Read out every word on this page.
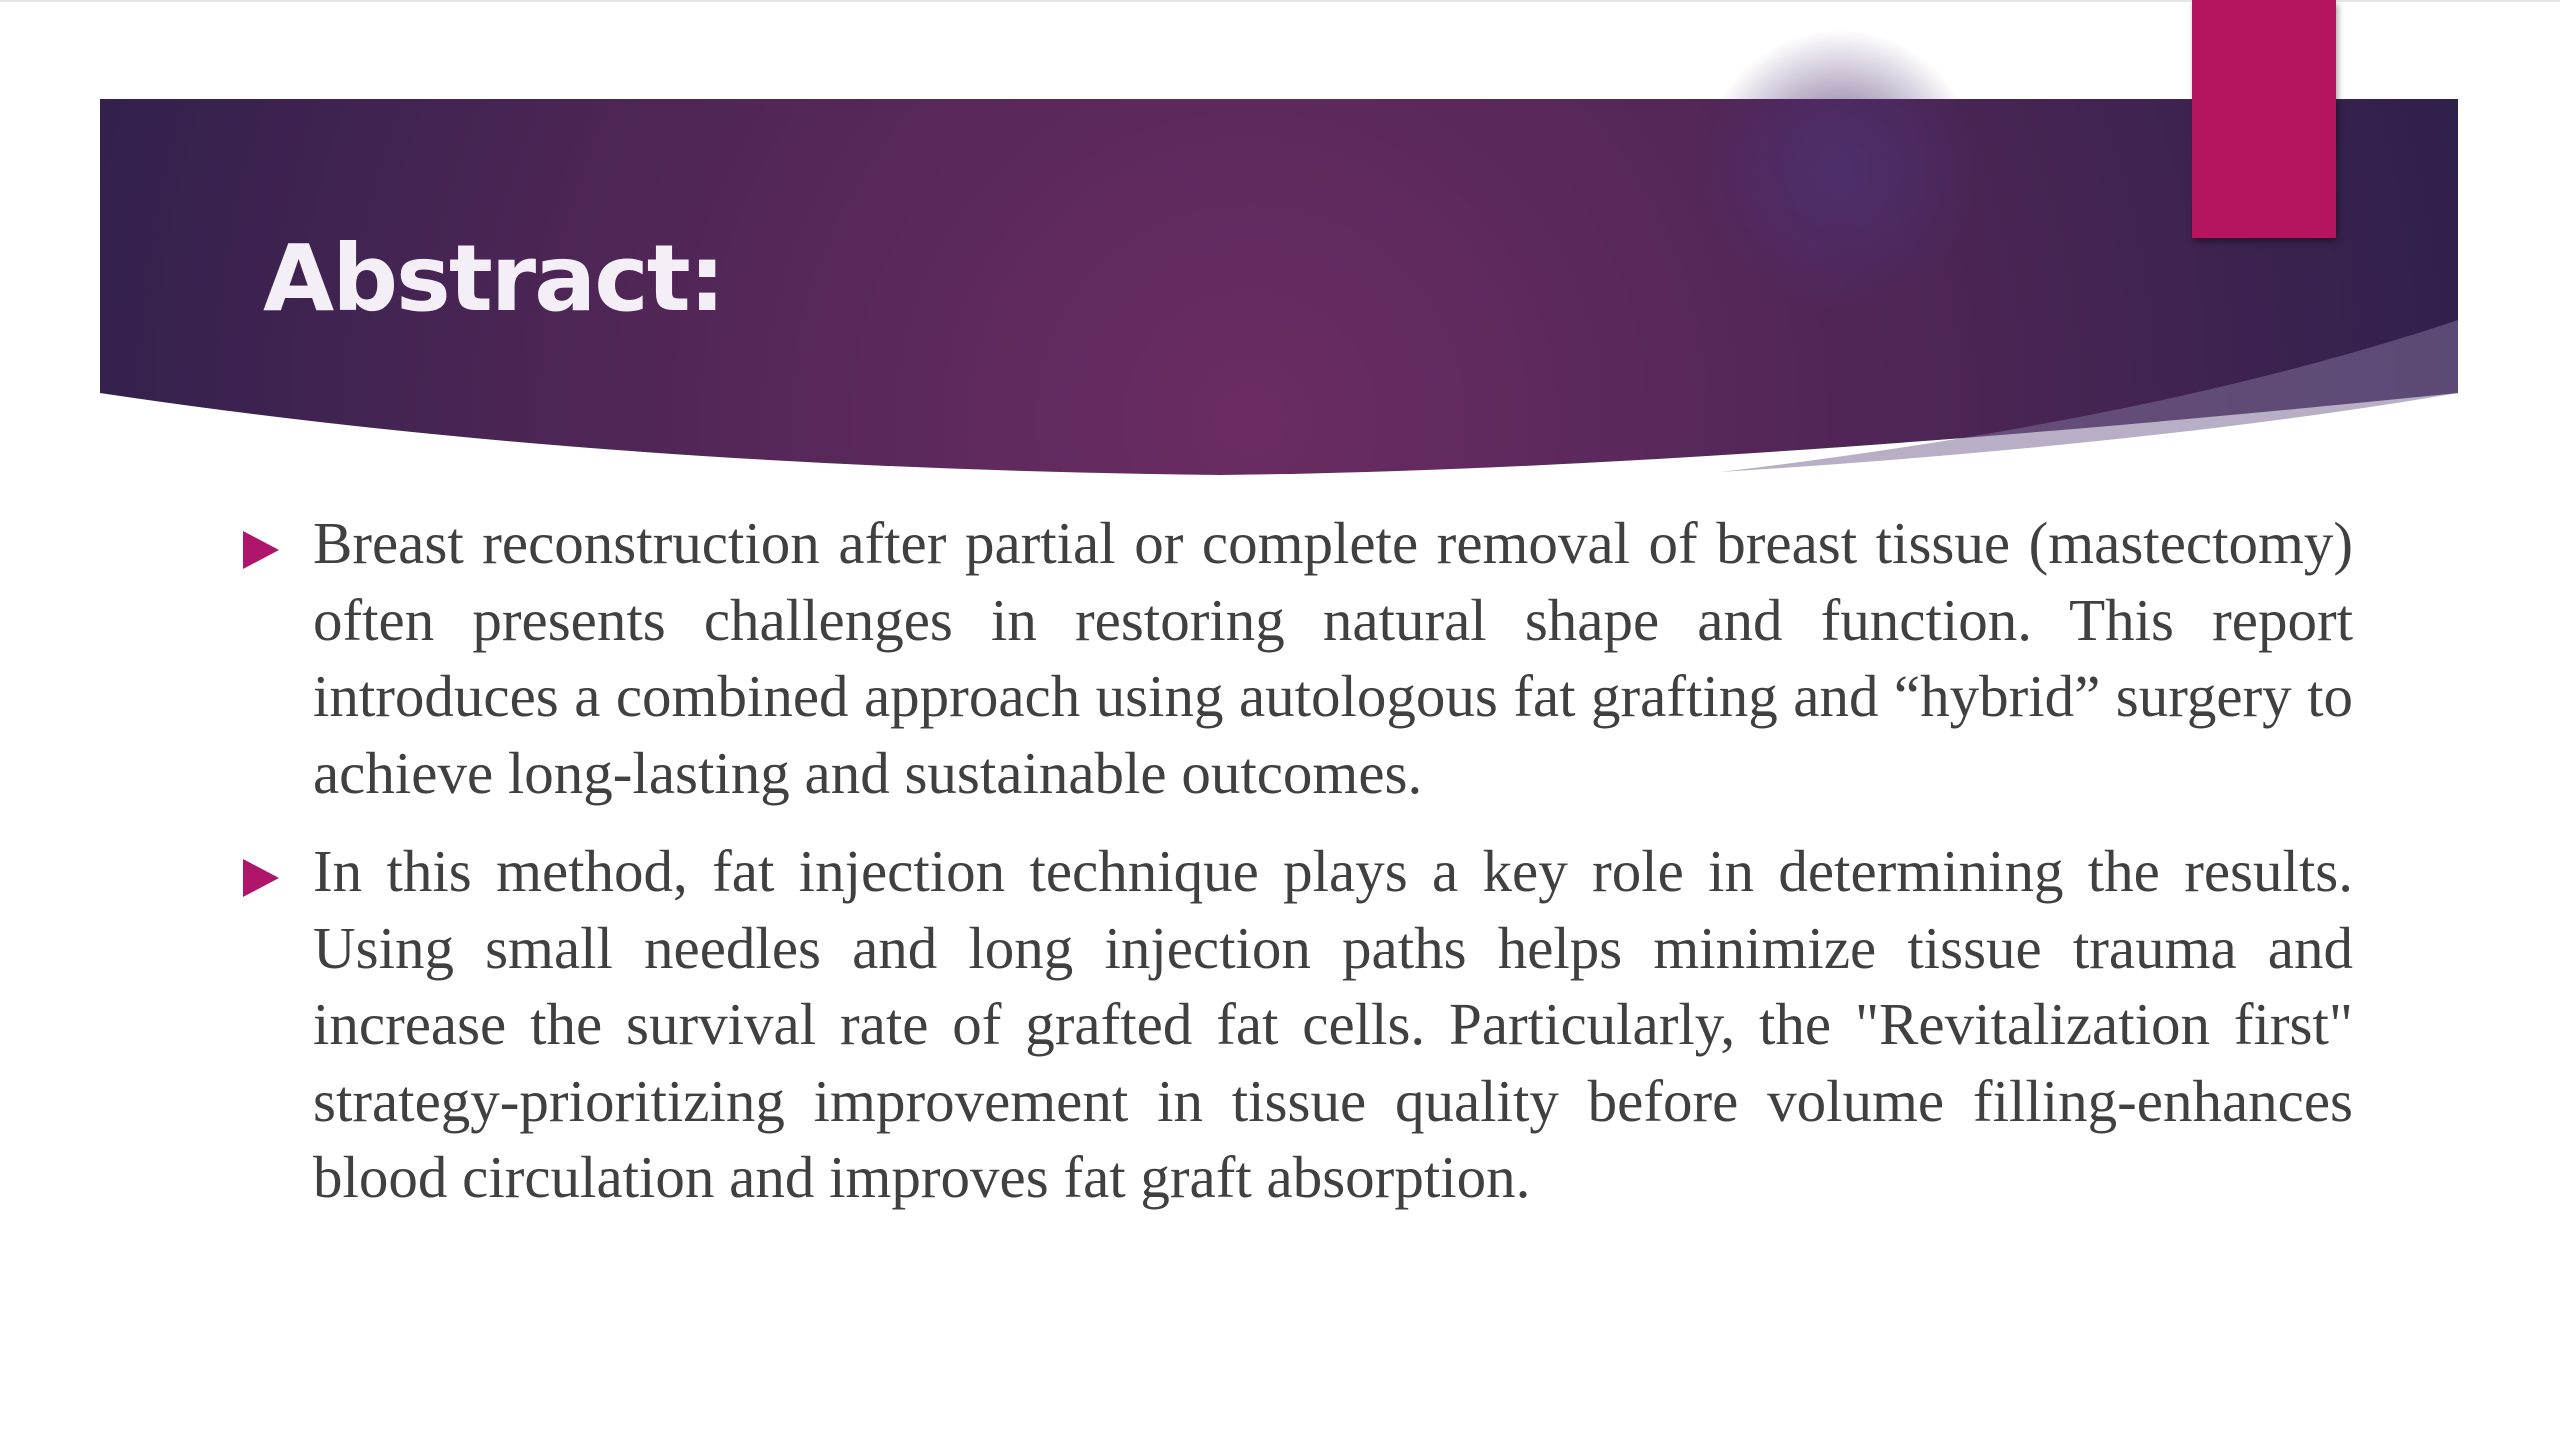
Abstract:

Breast reconstruction after partial or complete removal of breast tissue (mastectomy) often presents challenges in restoring natural shape and function. This report introduces a combined approach using autologous fat grafting and “hybrid” surgery to achieve long-lasting and sustainable outcomes.

In this method, fat injection technique plays a key role in determining the results. Using small needles and long injection paths helps minimize tissue trauma and increase the survival rate of grafted fat cells. Particularly, the "Revitalization first" strategy-prioritizing improvement in tissue quality before volume filling-enhances blood circulation and improves fat graft absorption.
